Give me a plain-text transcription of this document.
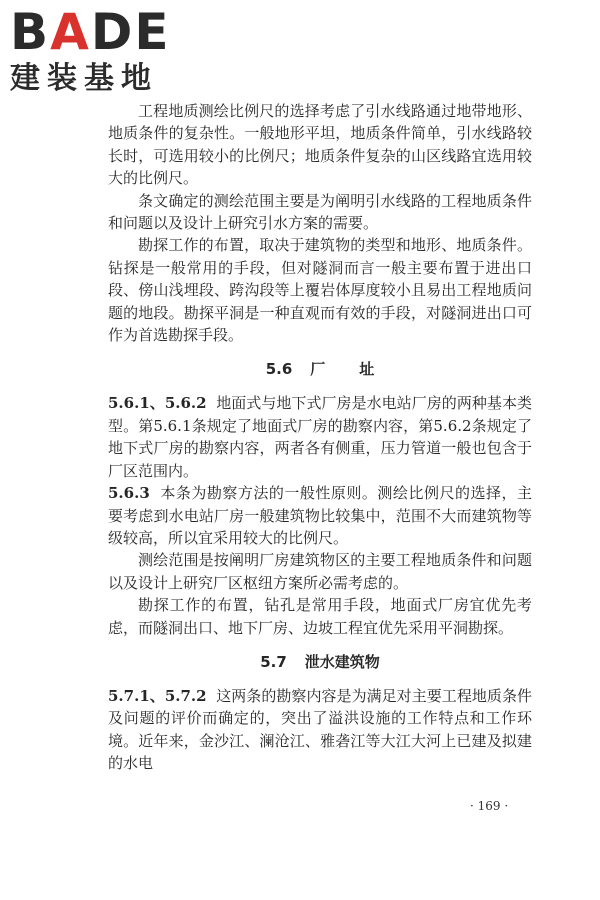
BADE
建装基地

工程地质测绘比例尺的选择考虑了引水线路通过地带地形、地质条件的复杂性。一般地形平坦，地质条件简单，引水线路较长时，可选用较小的比例尺；地质条件复杂的山区线路宜选用较大的比例尺。

条文确定的测绘范围主要是为阐明引水线路的工程地质条件和问题以及设计上研究引水方案的需要。

勘探工作的布置，取决于建筑物的类型和地形、地质条件。钻探是一般常用的手段，但对隧洞而言一般主要布置于进出口段、傍山浅埋段、跨沟段等上覆岩体厚度较小且易出工程地质问题的地段。勘探平洞是一种直观而有效的手段，对隧洞进出口可作为首选勘探手段。

5.6 厂 址

5.6.1、5.6.2 地面式与地下式厂房是水电站厂房的两种基本类型。第5.6.1条规定了地面式厂房的勘察内容，第5.6.2条规定了地下式厂房的勘察内容，两者各有侧重，压力管道一般也包含于厂区范围内。

5.6.3 本条为勘察方法的一般性原则。测绘比例尺的选择，主要考虑到水电站厂房一般建筑物比较集中，范围不大而建筑物等级较高，所以宜采用较大的比例尺。

测绘范围是按阐明厂房建筑物区的主要工程地质条件和问题以及设计上研究厂区枢纽方案所必需考虑的。

勘探工作的布置，钻孔是常用手段，地面式厂房宜优先考虑，而隧洞出口、地下厂房、边坡工程宜优先采用平洞勘探。

5.7 泄水建筑物

5.7.1、5.7.2 这两条的勘察内容是为满足对主要工程地质条件及问题的评价而确定的，突出了溢洪设施的工作特点和工作环境。近年来，金沙江、澜沧江、雅砻江等大江大河上已建及拟建的水电

· 169 ·
